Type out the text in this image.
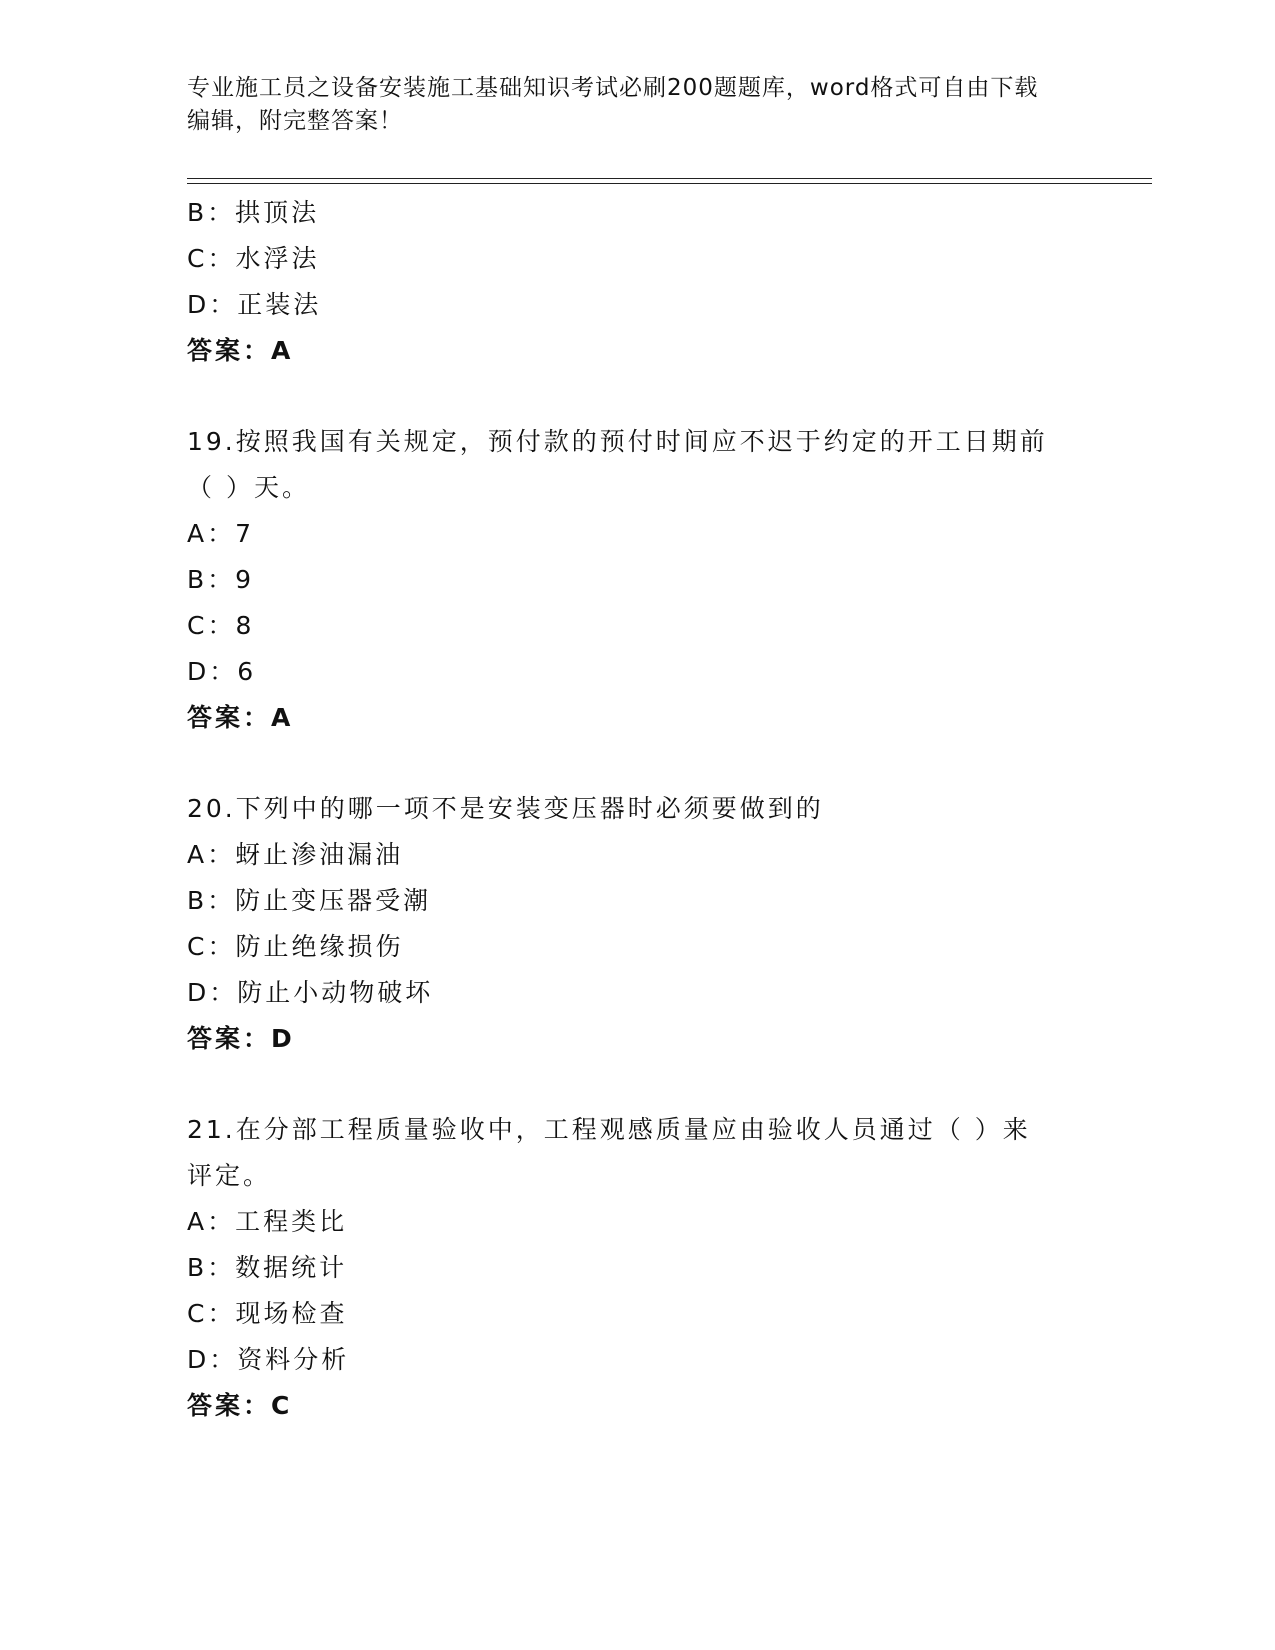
专业施工员之设备安装施工基础知识考试必刷200题题库，word格式可自由下载
编辑，附完整答案！
B：拱顶法
C：水浮法
D：正装法
答案：A
19.按照我国有关规定，预付款的预付时间应不迟于约定的开工日期前
（ ）天。
A：7
B：9
C：8
D：6
答案：A
20.下列中的哪一项不是安装变压器时必须要做到的
A：蚜止渗油漏油
B：防止变压器受潮
C：防止绝缘损伤
D：防止小动物破坏
答案：D
21.在分部工程质量验收中，工程观感质量应由验收人员通过（ ）来
评定。
A：工程类比
B：数据统计
C：现场检查
D：资料分析
答案：C
